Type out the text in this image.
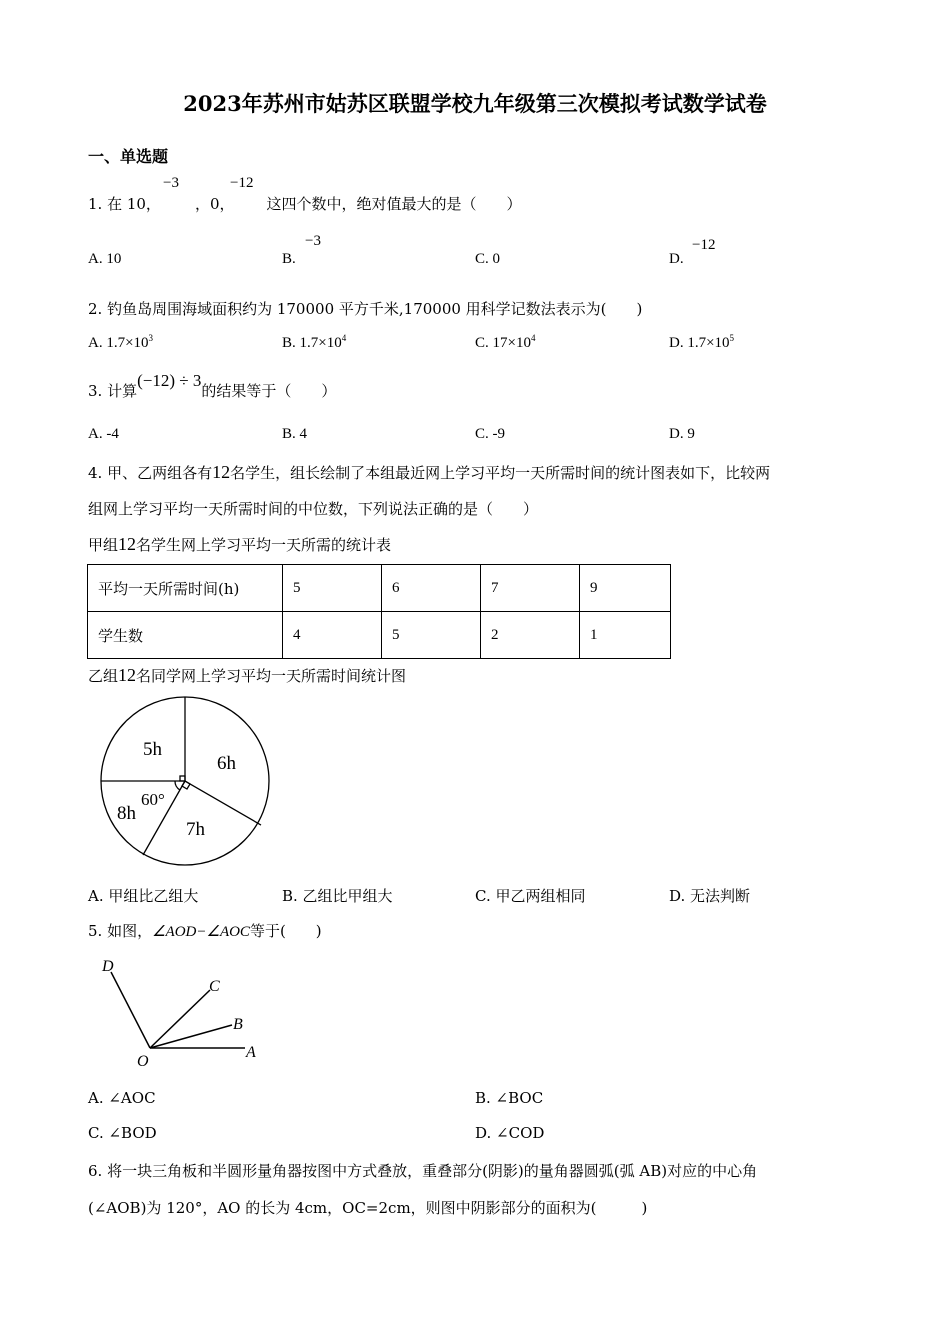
2023年苏州市姑苏区联盟学校九年级第三次模拟考试数学试卷
一、单选题
1. 在 10， ，0， 这四个数中，绝对值最大的是（　　）
−3	−12
A. 10	B.
−3
C. 0	D.
−12
2. 钓鱼岛周围海域面积约为 170000 平方千米,170000 用科学记数法表示为(　　)
A. $1.7\times 10^3$	B. $1.7\times 10^4$	C. $17\times 10^4$	D. $1.7\times 10^5$
3. 计算(−12) ÷ 3的结果等于（　　）
A. -4	B. 4	C. -9	D. 9
4. 甲、乙两组各有12名学生，组长绘制了本组最近网上学习平均一天所需时间的统计图表如下，比较两
组网上学习平均一天所需时间的中位数，下列说法正确的是（　　）
甲组12名学生网上学习平均一天所需的统计表
平均一天所需时间(h)	5	6	7	9
学生数	4	5	2	1
乙组12名同学网上学习平均一天所需时间统计图
5h
6h
7h
8h
60°
D
C
B
A
O
A. 甲组比乙组大	B. 乙组比甲组大	C. 甲乙两组相同	D. 无法判断
5. 如图，∠AOD−∠AOC等于(　　)
A. ∠AOC	B. ∠BOC
C. ∠BOD	D. ∠COD
6. 将一块三角板和半圆形量角器按图中方式叠放，重叠部分(阴影)的量角器圆弧(弧 AB)对应的中心角
(∠AOB)为 120°，AO 的长为 4cm，OC=2cm，则图中阴影部分的面积为(　　　)
